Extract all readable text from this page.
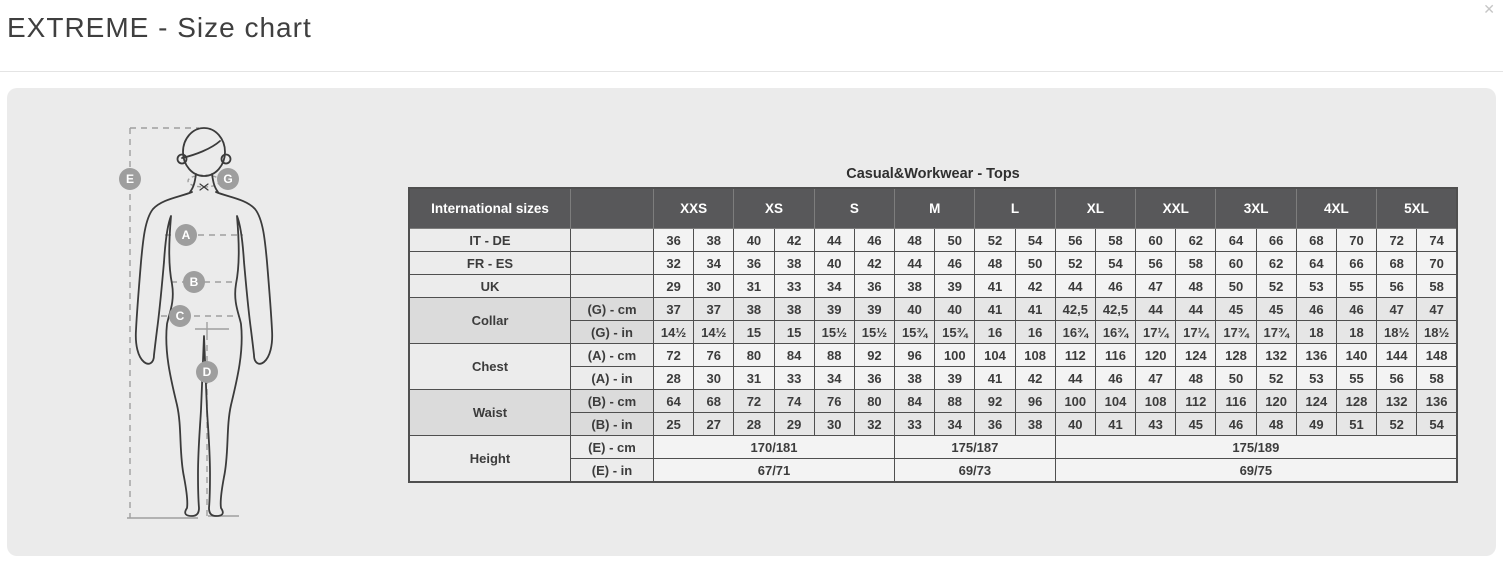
EXTREME - Size chart
✕
E	G
A
B
C
D
Casual&Workwear - Tops
International sizes		XXS		XS		S		M		L		XL		XXL		3XL		4XL		5XL	
IT - DE		36	38	40	42	44	46	48	50	52	54	56	58	60	62	64	66	68	70	72	74
FR - ES		32	34	36	38	40	42	44	46	48	50	52	54	56	58	60	62	64	66	68	70
UK		29	30	31	33	34	36	38	39	41	42	44	46	47	48	50	52	53	55	56	58
Collar	(G) - cm	37	37	38	38	39	39	40	40	41	41	42,5	42,5	44	44	45	45	46	46	47	47
	(G) - in	14½	14½	15	15	15½	15½	15¾	15¾	16	16	16¾	16¾	17¼	17¼	17¾	17¾	18	18	18½	18½
Chest	(A) - cm	72	76	80	84	88	92	96	100	104	108	112	116	120	124	128	132	136	140	144	148
	(A) - in	28	30	31	33	34	36	38	39	41	42	44	46	47	48	50	52	53	55	56	58
Waist	(B) - cm	64	68	72	74	76	80	84	88	92	96	100	104	108	112	116	120	124	128	132	136
	(B) - in	25	27	28	29	30	32	33	34	36	38	40	41	43	45	46	48	49	51	52	54
Height	(E) - cm	170/181						175/187				175/189									
	(E) - in	67/71						69/73				69/75									
